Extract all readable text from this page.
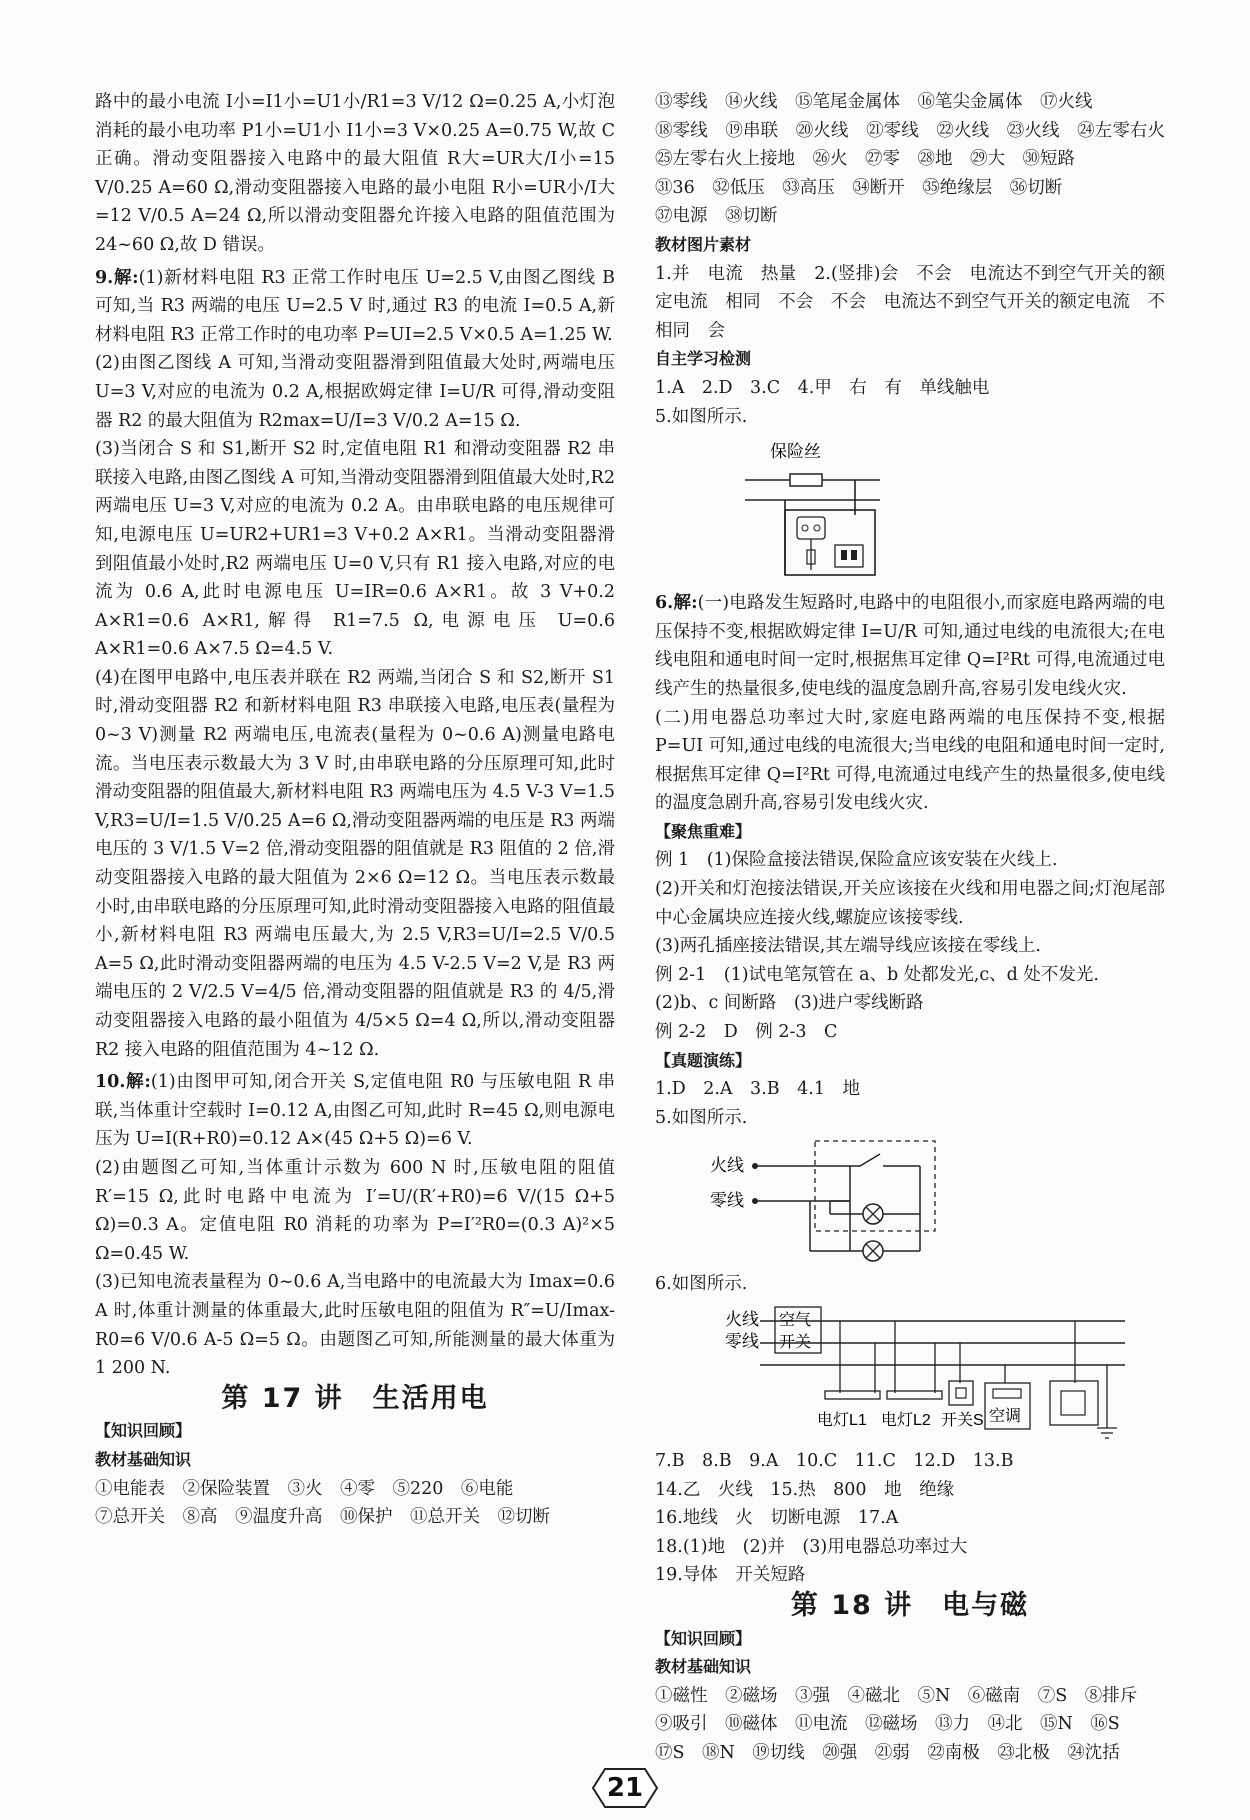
路中的最小电流 I小=I1小=U1小/R1=3 V/12 Ω=0.25 A,小灯泡消耗的最小电功率 P1小=U1小 I1小=3 V×0.25 A=0.75 W,故 C 正确。滑动变阻器接入电路中的最大阻值 R大=UR大/I小=15 V/0.25 A=60 Ω,滑动变阻器接入电路的最小电阻 R小=UR小/I大=12 V/0.5 A=24 Ω,所以滑动变阻器允许接入电路的阻值范围为 24~60 Ω,故 D 错误。

9.解:(1)新材料电阻 R3 正常工作时电压 U=2.5 V,由图乙图线 B 可知,当 R3 两端的电压 U=2.5 V 时,通过 R3 的电流 I=0.5 A,新材料电阻 R3 正常工作时的电功率 P=UI=2.5 V×0.5 A=1.25 W.

(2)由图乙图线 A 可知,当滑动变阻器滑到阻值最大处时,两端电压 U=3 V,对应的电流为 0.2 A,根据欧姆定律 I=U/R 可得,滑动变阻器 R2 的最大阻值为 R2max=U/I=3 V/0.2 A=15 Ω.

(3)当闭合 S 和 S1,断开 S2 时,定值电阻 R1 和滑动变阻器 R2 串联接入电路,由图乙图线 A 可知,当滑动变阻器滑到阻值最大处时,R2 两端电压 U=3 V,对应的电流为 0.2 A。由串联电路的电压规律可知,电源电压 U=UR2+UR1=3 V+0.2 A×R1。当滑动变阻器滑到阻值最小处时,R2 两端电压 U=0 V,只有 R1 接入电路,对应的电流为 0.6 A,此时电源电压 U=IR=0.6 A×R1。故 3 V+0.2 A×R1=0.6 A×R1,解得 R1=7.5 Ω,电源电压 U=0.6 A×R1=0.6 A×7.5 Ω=4.5 V.

(4)在图甲电路中,电压表并联在 R2 两端,当闭合 S 和 S2,断开 S1 时,滑动变阻器 R2 和新材料电阻 R3 串联接入电路,电压表(量程为 0~3 V)测量 R2 两端电压,电流表(量程为 0~0.6 A)测量电路电流。当电压表示数最大为 3 V 时,由串联电路的分压原理可知,此时滑动变阻器的阻值最大,新材料电阻 R3 两端电压为 4.5 V-3 V=1.5 V,R3=U/I=1.5 V/0.25 A=6 Ω,滑动变阻器两端的电压是 R3 两端电压的 3 V/1.5 V=2 倍,滑动变阻器的阻值就是 R3 阻值的 2 倍,滑动变阻器接入电路的最大阻值为 2×6 Ω=12 Ω。当电压表示数最小时,由串联电路的分压原理可知,此时滑动变阻器接入电路的阻值最小,新材料电阻 R3 两端电压最大,为 2.5 V,R3=U/I=2.5 V/0.5 A=5 Ω,此时滑动变阻器两端的电压为 4.5 V-2.5 V=2 V,是 R3 两端电压的 2 V/2.5 V=4/5 倍,滑动变阻器的阻值就是 R3 的 4/5,滑动变阻器接入电路的最小阻值为 4/5×5 Ω=4 Ω,所以,滑动变阻器 R2 接入电路的阻值范围为 4~12 Ω.

10.解:(1)由图甲可知,闭合开关 S,定值电阻 R0 与压敏电阻 R 串联,当体重计空载时 I=0.12 A,由图乙可知,此时 R=45 Ω,则电源电压为 U=I(R+R0)=0.12 A×(45 Ω+5 Ω)=6 V.

(2)由题图乙可知,当体重计示数为 600 N 时,压敏电阻的阻值 R′=15 Ω,此时电路中电流为 I′=U/(R′+R0)=6 V/(15 Ω+5 Ω)=0.3 A。定值电阻 R0 消耗的功率为 P=I′²R0=(0.3 A)²×5 Ω=0.45 W.

(3)已知电流表量程为 0~0.6 A,当电路中的电流最大为 Imax=0.6 A 时,体重计测量的体重最大,此时压敏电阻的阻值为 R″=U/Imax-R0=6 V/0.6 A-5 Ω=5 Ω。由题图乙可知,所能测量的最大体重为 1 200 N.

第 17 讲　生活用电

【知识回顾】

教材基础知识

①电能表　②保险装置　③火　④零　⑤220　⑥电能

⑦总开关　⑧高　⑨温度升高　⑩保护　⑪总开关　⑫切断

⑬零线　⑭火线　⑮笔尾金属体　⑯笔尖金属体　⑰火线

⑱零线　⑲串联　⑳火线　㉑零线　㉒火线　㉓火线　㉔左零右火　㉕左零右火上接地　㉖火　㉗零　㉘地　㉙大　㉚短路

㉛36　㉜低压　㉝高压　㉞断开　㉟绝缘层　㊱切断

㊲电源　㊳切断

教材图片素材

1.并　电流　热量　2.(竖排)会　不会　电流达不到空气开关的额定电流　相同　不会　不会　电流达不到空气开关的额定电流　不相同　会

自主学习检测

1.A　2.D　3.C　4.甲　右　有　单线触电

5.如图所示.

保险丝

6.解:(一)电路发生短路时,电路中的电阻很小,而家庭电路两端的电压保持不变,根据欧姆定律 I=U/R 可知,通过电线的电流很大;在电线电阻和通电时间一定时,根据焦耳定律 Q=I²Rt 可得,电流通过电线产生的热量很多,使电线的温度急剧升高,容易引发电线火灾.

(二)用电器总功率过大时,家庭电路两端的电压保持不变,根据 P=UI 可知,通过电线的电流很大;当电线的电阻和通电时间一定时,根据焦耳定律 Q=I²Rt 可得,电流通过电线产生的热量很多,使电线的温度急剧升高,容易引发电线火灾.

【聚焦重难】

例 1　(1)保险盒接法错误,保险盒应该安装在火线上.

(2)开关和灯泡接法错误,开关应该接在火线和用电器之间;灯泡尾部中心金属块应连接火线,螺旋应该接零线.

(3)两孔插座接法错误,其左端导线应该接在零线上.

例 2-1　(1)试电笔氖管在 a、b 处都发光,c、d 处不发光.

(2)b、c 间断路　(3)进户零线断路

例 2-2　D　例 2-3　C

【真题演练】

1.D　2.A　3.B　4.1　地

5.如图所示.

火线
零线

6.如图所示.

火线
零线
空气
开关
电灯L1 电灯L2 开关S 空调

7.B　8.B　9.A　10.C　11.C　12.D　13.B

14.乙　火线　15.热　800　地　绝缘

16.地线　火　切断电源　17.A

18.(1)地　(2)并　(3)用电器总功率过大

19.导体　开关短路

第 18 讲　电与磁

【知识回顾】

教材基础知识

①磁性　②磁场　③强　④磁北　⑤N　⑥磁南　⑦S　⑧排斥

⑨吸引　⑩磁体　⑪电流　⑫磁场　⑬力　⑭北　⑮N　⑯S

⑰S　⑱N　⑲切线　⑳强　㉑弱　㉒南极　㉓北极　㉔沈括

21
